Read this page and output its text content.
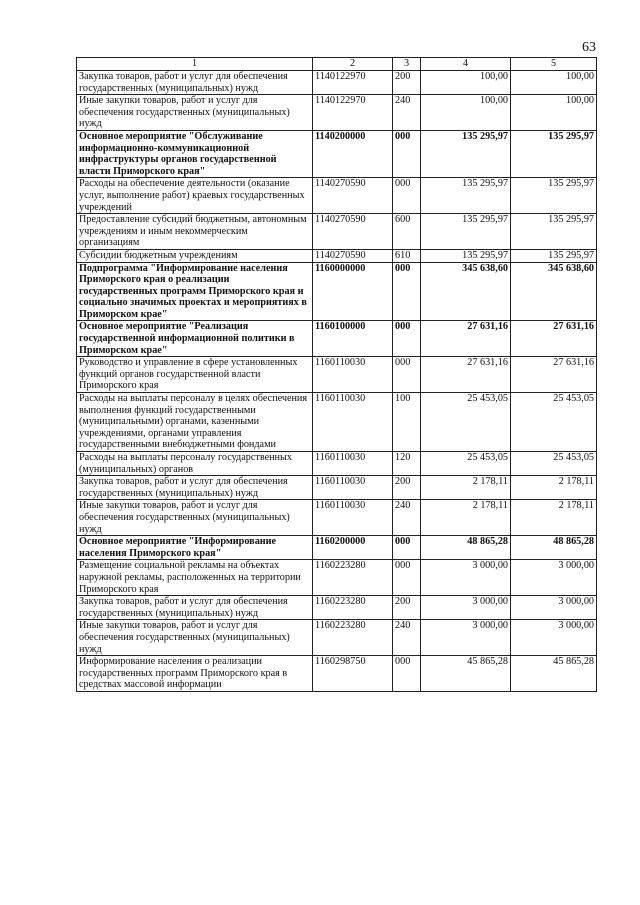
63
1	2	3	4	5
Закупка товаров, работ и услуг для обеспечения государственных (муниципальных) нужд	1140122970	200	100,00	100,00
Иные закупки товаров, работ и услуг для обеспечения государственных (муниципальных) нужд	1140122970	240	100,00	100,00
Основное мероприятие "Обслуживание информационно-коммуникационной инфраструктуры органов государственной власти Приморского края"	1140200000	000	135 295,97	135 295,97
Расходы на обеспечение деятельности (оказание услуг, выполнение работ) краевых государственных учреждений	1140270590	000	135 295,97	135 295,97
Предоставление субсидий бюджетным, автономным учреждениям и иным некоммерческим организациям	1140270590	600	135 295,97	135 295,97
Субсидии бюджетным учреждениям	1140270590	610	135 295,97	135 295,97
Подпрограмма "Информирование населения Приморского края о реализации государственных программ Приморского края и социально значимых проектах и мероприятиях в Приморском крае"	1160000000	000	345 638,60	345 638,60
Основное мероприятие "Реализация государственной информационной политики в Приморском крае"	1160100000	000	27 631,16	27 631,16
Руководство и управление в сфере установленных функций органов государственной власти Приморского края	1160110030	000	27 631,16	27 631,16
Расходы на выплаты персоналу в целях обеспечения выполнения функций государственными (муниципальными) органами, казенными учреждениями, органами управления государственными внебюджетными фондами	1160110030	100	25 453,05	25 453,05
Расходы на выплаты персоналу государственных (муниципальных) органов	1160110030	120	25 453,05	25 453,05
Закупка товаров, работ и услуг для обеспечения государственных (муниципальных) нужд	1160110030	200	2 178,11	2 178,11
Иные закупки товаров, работ и услуг для обеспечения государственных (муниципальных) нужд	1160110030	240	2 178,11	2 178,11
Основное мероприятие "Информирование населения Приморского края"	1160200000	000	48 865,28	48 865,28
Размещение социальной рекламы на объектах наружной рекламы, расположенных на территории Приморского края	1160223280	000	3 000,00	3 000,00
Закупка товаров, работ и услуг для обеспечения государственных (муниципальных) нужд	1160223280	200	3 000,00	3 000,00
Иные закупки товаров, работ и услуг для обеспечения государственных (муниципальных) нужд	1160223280	240	3 000,00	3 000,00
Информирование населения о реализации государственных программ Приморского края в средствах массовой информации	1160298750	000	45 865,28	45 865,28
